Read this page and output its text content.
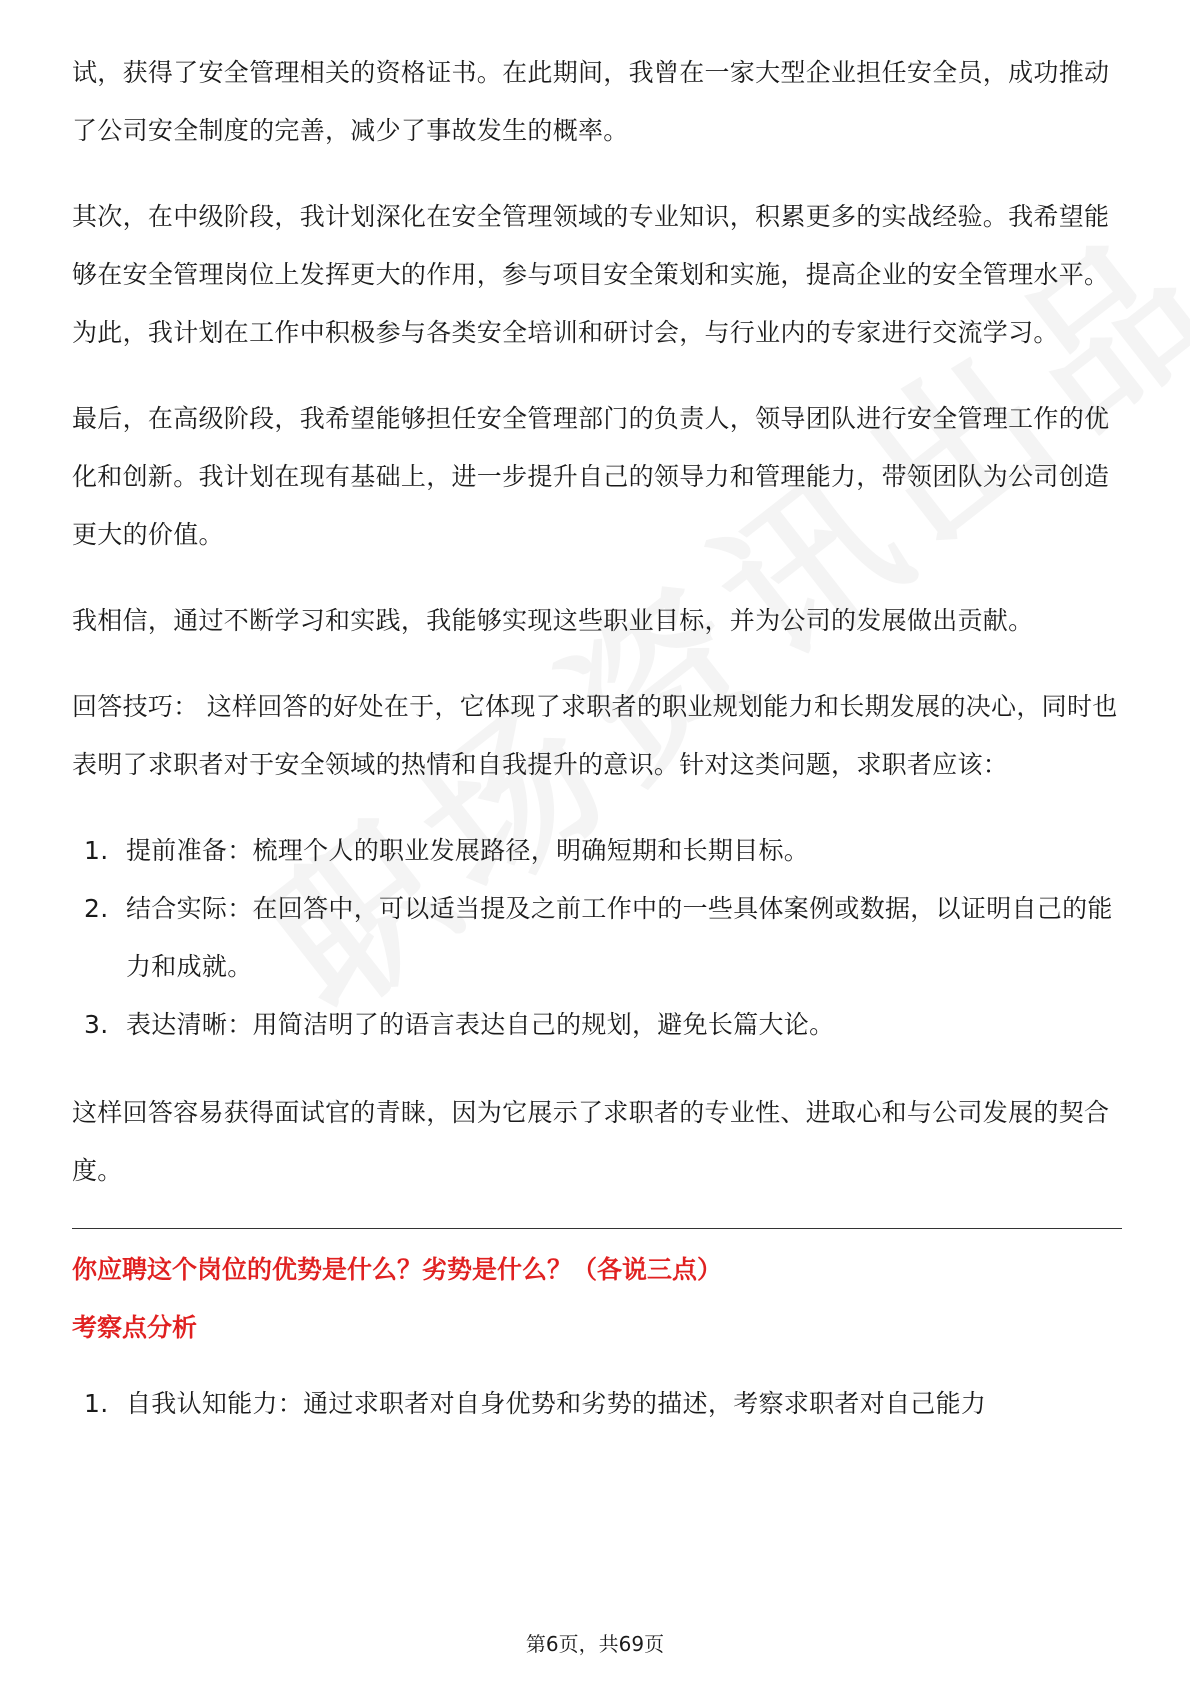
试，获得了安全管理相关的资格证书。在此期间，我曾在一家大型企业担任安全员，成功推动了公司安全制度的完善，减少了事故发生的概率。

其次，在中级阶段，我计划深化在安全管理领域的专业知识，积累更多的实战经验。我希望能够在安全管理岗位上发挥更大的作用，参与项目安全策划和实施，提高企业的安全管理水平。为此，我计划在工作中积极参与各类安全培训和研讨会，与行业内的专家进行交流学习。

最后，在高级阶段，我希望能够担任安全管理部门的负责人，领导团队进行安全管理工作的优化和创新。我计划在现有基础上，进一步提升自己的领导力和管理能力，带领团队为公司创造更大的价值。

我相信，通过不断学习和实践，我能够实现这些职业目标，并为公司的发展做出贡献。

回答技巧： 这样回答的好处在于，它体现了求职者的职业规划能力和长期发展的决心，同时也表明了求职者对于安全领域的热情和自我提升的意识。针对这类问题，求职者应该：

1. 提前准备：梳理个人的职业发展路径，明确短期和长期目标。
2. 结合实际：在回答中，可以适当提及之前工作中的一些具体案例或数据，以证明自己的能力和成就。
3. 表达清晰：用简洁明了的语言表达自己的规划，避免长篇大论。

这样回答容易获得面试官的青睐，因为它展示了求职者的专业性、进取心和与公司发展的契合度。

你应聘这个岗位的优势是什么？劣势是什么？（各说三点）

考察点分析

1. 自我认知能力：通过求职者对自身优势和劣势的描述，考察求职者对自己能力
第6页，共69页
